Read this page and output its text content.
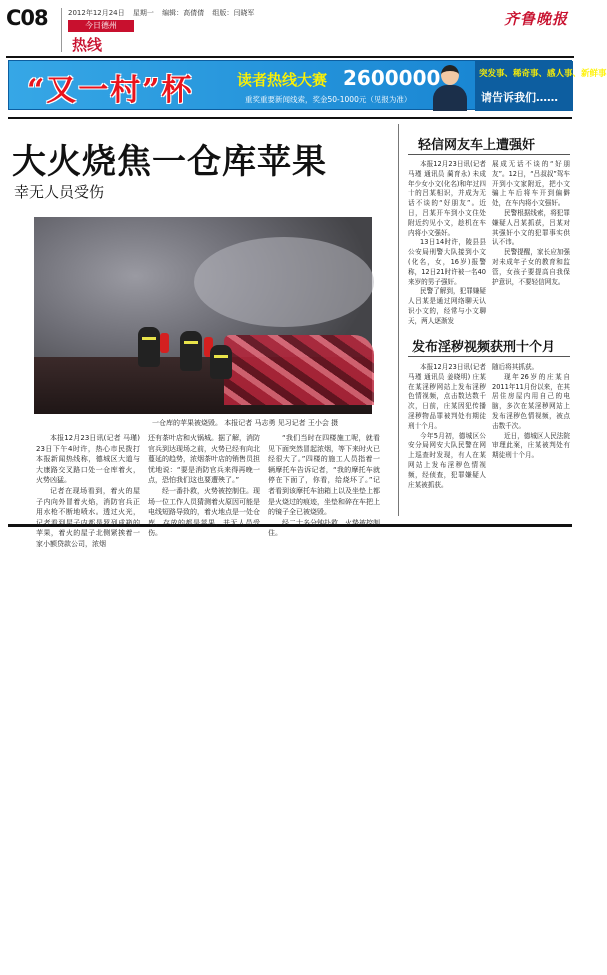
C08	2012年12月24日 星期一 编辑：高倩倩 组版：闫晓军
今日德州
热线
齐鲁晚报
“又一村”杯	读者热线大赛 2600000
重奖重要新闻线索，奖金50-1000元（见报为准）
突发事、稀奇事、感人事、新鲜事
请告诉我们……
大火烧焦一仓库苹果
幸无人员受伤
一仓库的苹果被烧毁。 本报记者 马志勇 见习记者 王小会 摄

本报12月23日讯(记者 马瑾) 23日下午4时许，热心市民拨打本报新闻热线称，德城区大道与大康路交叉路口处一仓库着火，火势凶猛。

记者在现场看到，着火的屋子内向外冒着火焰，消防官兵正用水枪不断地喷水。透过火光，记者看到屋子内都是罗列成箱的苹果，着火的屋子北侧紧挨着一家小额贷款公司，浓烟

还有茶叶店和火锅城。据了解，消防官兵到达现场之前，火势已经有向北蔓延的趋势，浓烟茶叶店的销售员担忧地说：“要是消防官兵来得再晚一点，恐怕我们这也要遭殃了。”

经一番扑救，火势被控制住。现场一位工作人员猜测着火原因可能是电线短路导致的，着火地点是一处仓库，存放的都是苹果，并无人员受伤。

“我们当时在四楼施工呢，就看见下面突然冒起浓烟，等下来时火已经很大了。”四楼的施工人员指着一辆摩托车告诉记者，“我的摩托车就停在下面了，你看，给烧坏了。”记者看到该摩托车油箱上以及坐垫上都是火烧过的痕迹，坐垫和碎在车把上的镜子全已被烧毁。

经二十多分钟扑救，火势被控制住。

轻信网友车上遭强奸

本报12月23日讯(记者 马瑾 通讯员 蔺育永) 未成年少女小文(化名)和年过四十的吕某相识，并成为无话不谈的“好朋友”。近日，吕某开车到小文住处附近约见小文，趁机在车内将小文强奸。

13日14时许，陵县县公安局刑警大队接到小文(化名，女，16岁)报警称，12日21时许被一名40来岁的男子强奸。

民警了解到，犯罪嫌疑人吕某是通过网络聊天认识小文的，经常与小文聊天，两人逐渐发

展成无话不谈的“好朋友”。12日，“吕叔叔”驾车开到小文家附近，把小文骗上车后将车开到偏僻处，在车内将小文强奸。

民警根据线索，将犯罪嫌疑人吕某抓获，吕某对其强奸小文的犯罪事实供认不讳。

民警提醒，家长应加强对未成年子女的教育和监管，女孩子要提高自我保护意识，不要轻信网友。

发布淫秽视频获刑十个月

本报12月23日讯(记者 马瑾 通讯员 姜晓明) 庄某在某淫秽网站上发布淫秽色情视频，点击数达数千次，日前，庄某因犯传播淫秽物品罪被判处有期徒刑十个月。

今年5月初，德城区公安分局网安大队民警在网上巡查时发现，有人在某网站上发布淫秽色情视频，经侦查，犯罪嫌疑人庄某被抓获。

随后将其抓获。

现年26岁的庄某自2011年11月份以来，在其居住房屋内用自己的电脑，多次在某淫秽网站上发布淫秽色情视频，被点击数千次。

近日，德城区人民法院审理此案，庄某被判处有期徒刑十个月。
